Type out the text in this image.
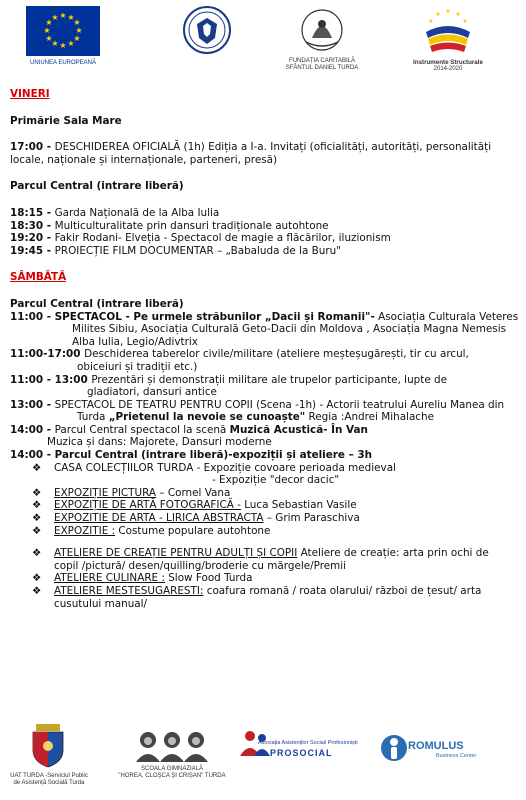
★ ★
★
★
★
★
★
★
★
★
★
★
UNIUNEA EUROPEANĂ	FUNDAȚIA CARITABILĂ
SFÂNTUL DANIEL TURDA
★ ★
★
★
★
Instrumente Structurale
2014-2020
VINERI
Primărie Sala Mare
17:00 - DESCHIDEREA OFICIALĂ (1h) Ediția a I-a. Invitați (oficialități, autorități, personalități
locale, naționale și internaționale, parteneri, presă)
Parcul Central (intrare liberă)
18:15 - Garda Națională de la Alba Iulia
18:30 - Multiculturalitate prin dansuri tradiționale autohtone
19:20 - Fakir Rodani- Elveția - Spectacol de magie a flăcărilor, iluzionism
19:45 - PROIECȚIE FILM DOCUMENTAR – „Babaluda de la Buru"
SÂMBĂTĂ
Parcul Central (intrare liberă)
11:00 - SPECTACOL - Pe urmele străbunilor „Dacii și Romanii"- Asociația Culturala Veteres
Milites Sibiu, Asociația Culturală Geto-Dacii din Moldova , Asociația Magna Nemesis
Alba Iulia, Legio/Adivtrix
11:00-17:00 Deschiderea taberelor civile/militare (ateliere meșteșugărești, tir cu arcul,
obiceiuri și tradiții etc.)
11:00 - 13:00 Prezentări și demonstrații militare ale trupelor participante, lupte de
gladiatori, dansuri antice
13:00 - SPECTACOL DE TEATRU PENTRU COPII (Scena -1h) - Actorii teatrului Aureliu Manea din
Turda „Prietenul la nevoie se cunoaște" Regia :Andrei Mihalache
14:00 - Parcul Central spectacol la scenă Muzică Acustică- În Van
Muzica și dans: Majorete, Dansuri moderne
14:00 - Parcul Central (intrare liberă)-expoziții și ateliere – 3h
❖	CASA COLECȚIILOR TURDA - Expoziție covoare perioada medieval
- Expoziție "decor dacic"
❖	EXPOZIȚIE PICTURA – Cornel Vana
❖	EXPOZIȚIE DE ARTĂ FOTOGRAFICĂ - Luca Sebastian Vasile
❖	EXPOZITIE DE ARTA - LIRICA ABSTRACTA – Grim Paraschiva
❖	EXPOZITIE : Costume populare autohtone
❖	ATELIERE DE CREAȚIE PENTRU ADULȚI ȘI COPII Ateliere de creație: arta prin ochi de
copil /pictură/ desen/quilling/broderie cu mărgele/Premii
❖	ATELIERE CULINARE : Slow Food Turda
❖	ATELIERE MESTESUGARESTI: coafura romană / roata olarului/ război de țesut/ arta
cusutului manual/
UAT TURDA -Serviciul Public
de Asistență Socială Turda
ȘCOALA GIMNAZIALĂ
"HOREA, CLOȘCA ȘI CRIȘAN" TURDA
Asociația Asistenților Sociali Profesioniști
PROSOCIAL
ROMULUS
Business Center
